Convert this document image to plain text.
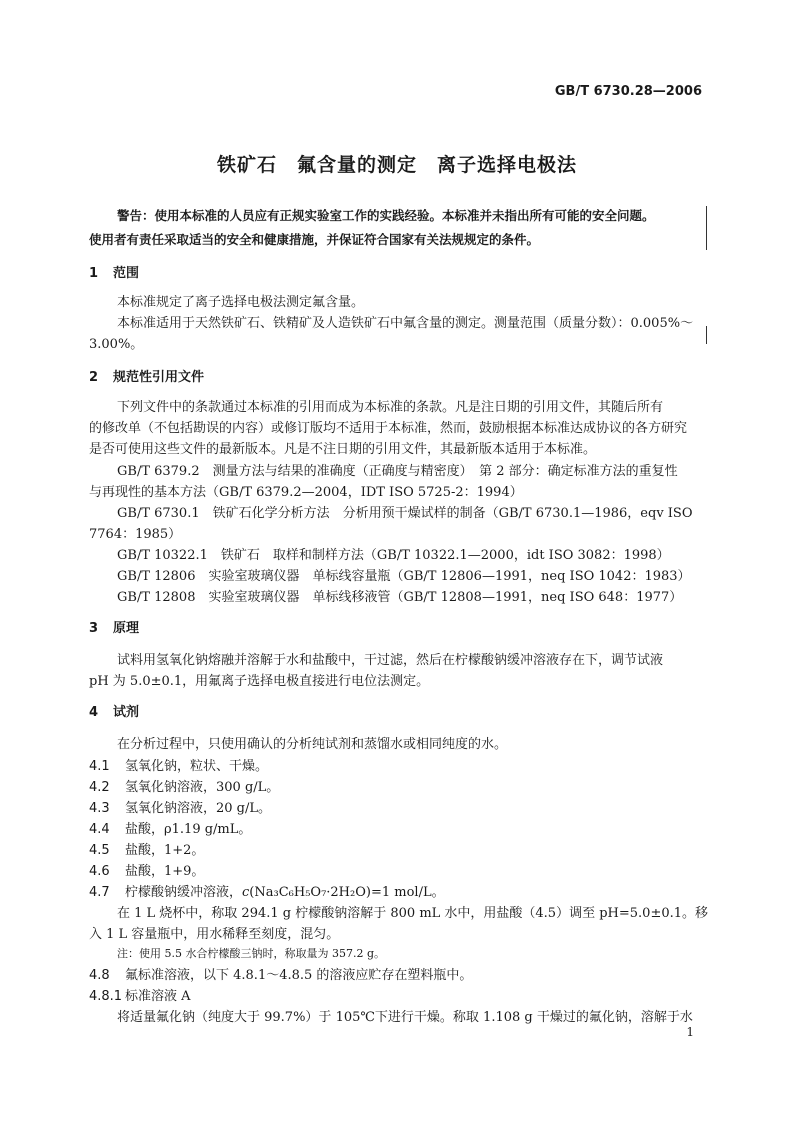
GB/T 6730.28—2006
铁矿石　氟含量的测定　离子选择电极法
警告：使用本标准的人员应有正规实验室工作的实践经验。本标准并未指出所有可能的安全问题。
使用者有责任采取适当的安全和健康措施，并保证符合国家有关法规规定的条件。
1 范围
本标准规定了离子选择电极法测定氟含量。
本标准适用于天然铁矿石、铁精矿及人造铁矿石中氟含量的测定。测量范围（质量分数）：0.005%～
3.00%。
2 规范性引用文件
下列文件中的条款通过本标准的引用而成为本标准的条款。凡是注日期的引用文件，其随后所有
的修改单（不包括勘误的内容）或修订版均不适用于本标准，然而，鼓励根据本标准达成协议的各方研究
是否可使用这些文件的最新版本。凡是不注日期的引用文件，其最新版本适用于本标准。
GB/T 6379.2　测量方法与结果的准确度（正确度与精密度）　第 2 部分：确定标准方法的重复性
与再现性的基本方法（GB/T 6379.2—2004，IDT ISO 5725-2：1994）
GB/T 6730.1　铁矿石化学分析方法　分析用预干燥试样的制备（GB/T 6730.1—1986，eqv ISO
7764：1985）
GB/T 10322.1　铁矿石　取样和制样方法（GB/T 10322.1—2000，idt ISO 3082：1998）
GB/T 12806　实验室玻璃仪器　单标线容量瓶（GB/T 12806—1991，neq ISO 1042：1983）
GB/T 12808　实验室玻璃仪器　单标线移液管（GB/T 12808—1991，neq ISO 648：1977）
3 原理
试料用氢氧化钠熔融并溶解于水和盐酸中，干过滤，然后在柠檬酸钠缓冲溶液存在下，调节试液
pH 为 5.0±0.1，用氟离子选择电极直接进行电位法测定。
4 试剂
在分析过程中，只使用确认的分析纯试剂和蒸馏水或相同纯度的水。
4.1 氢氧化钠，粒状、干燥。
4.2 氢氧化钠溶液，300 g/L。
4.3 氢氧化钠溶液，20 g/L。
4.4 盐酸，ρ1.19 g/mL。
4.5 盐酸，1+2。
4.6 盐酸，1+9。
4.7 柠檬酸钠缓冲溶液，c(Na₃C₆H₅O₇·2H₂O)=1 mol/L。
在 1 L 烧杯中，称取 294.1 g 柠檬酸钠溶解于 800 mL 水中，用盐酸（4.5）调至 pH=5.0±0.1。移
入 1 L 容量瓶中，用水稀释至刻度，混匀。
注：使用 5.5 水合柠檬酸三钠时，称取量为 357.2 g。
4.8 氟标准溶液，以下 4.8.1～4.8.5 的溶液应贮存在塑料瓶中。
4.8.1 标准溶液 A
将适量氟化钠（纯度大于 99.7%）于 105℃下进行干燥。称取 1.108 g 干燥过的氟化钠，溶解于水
1
